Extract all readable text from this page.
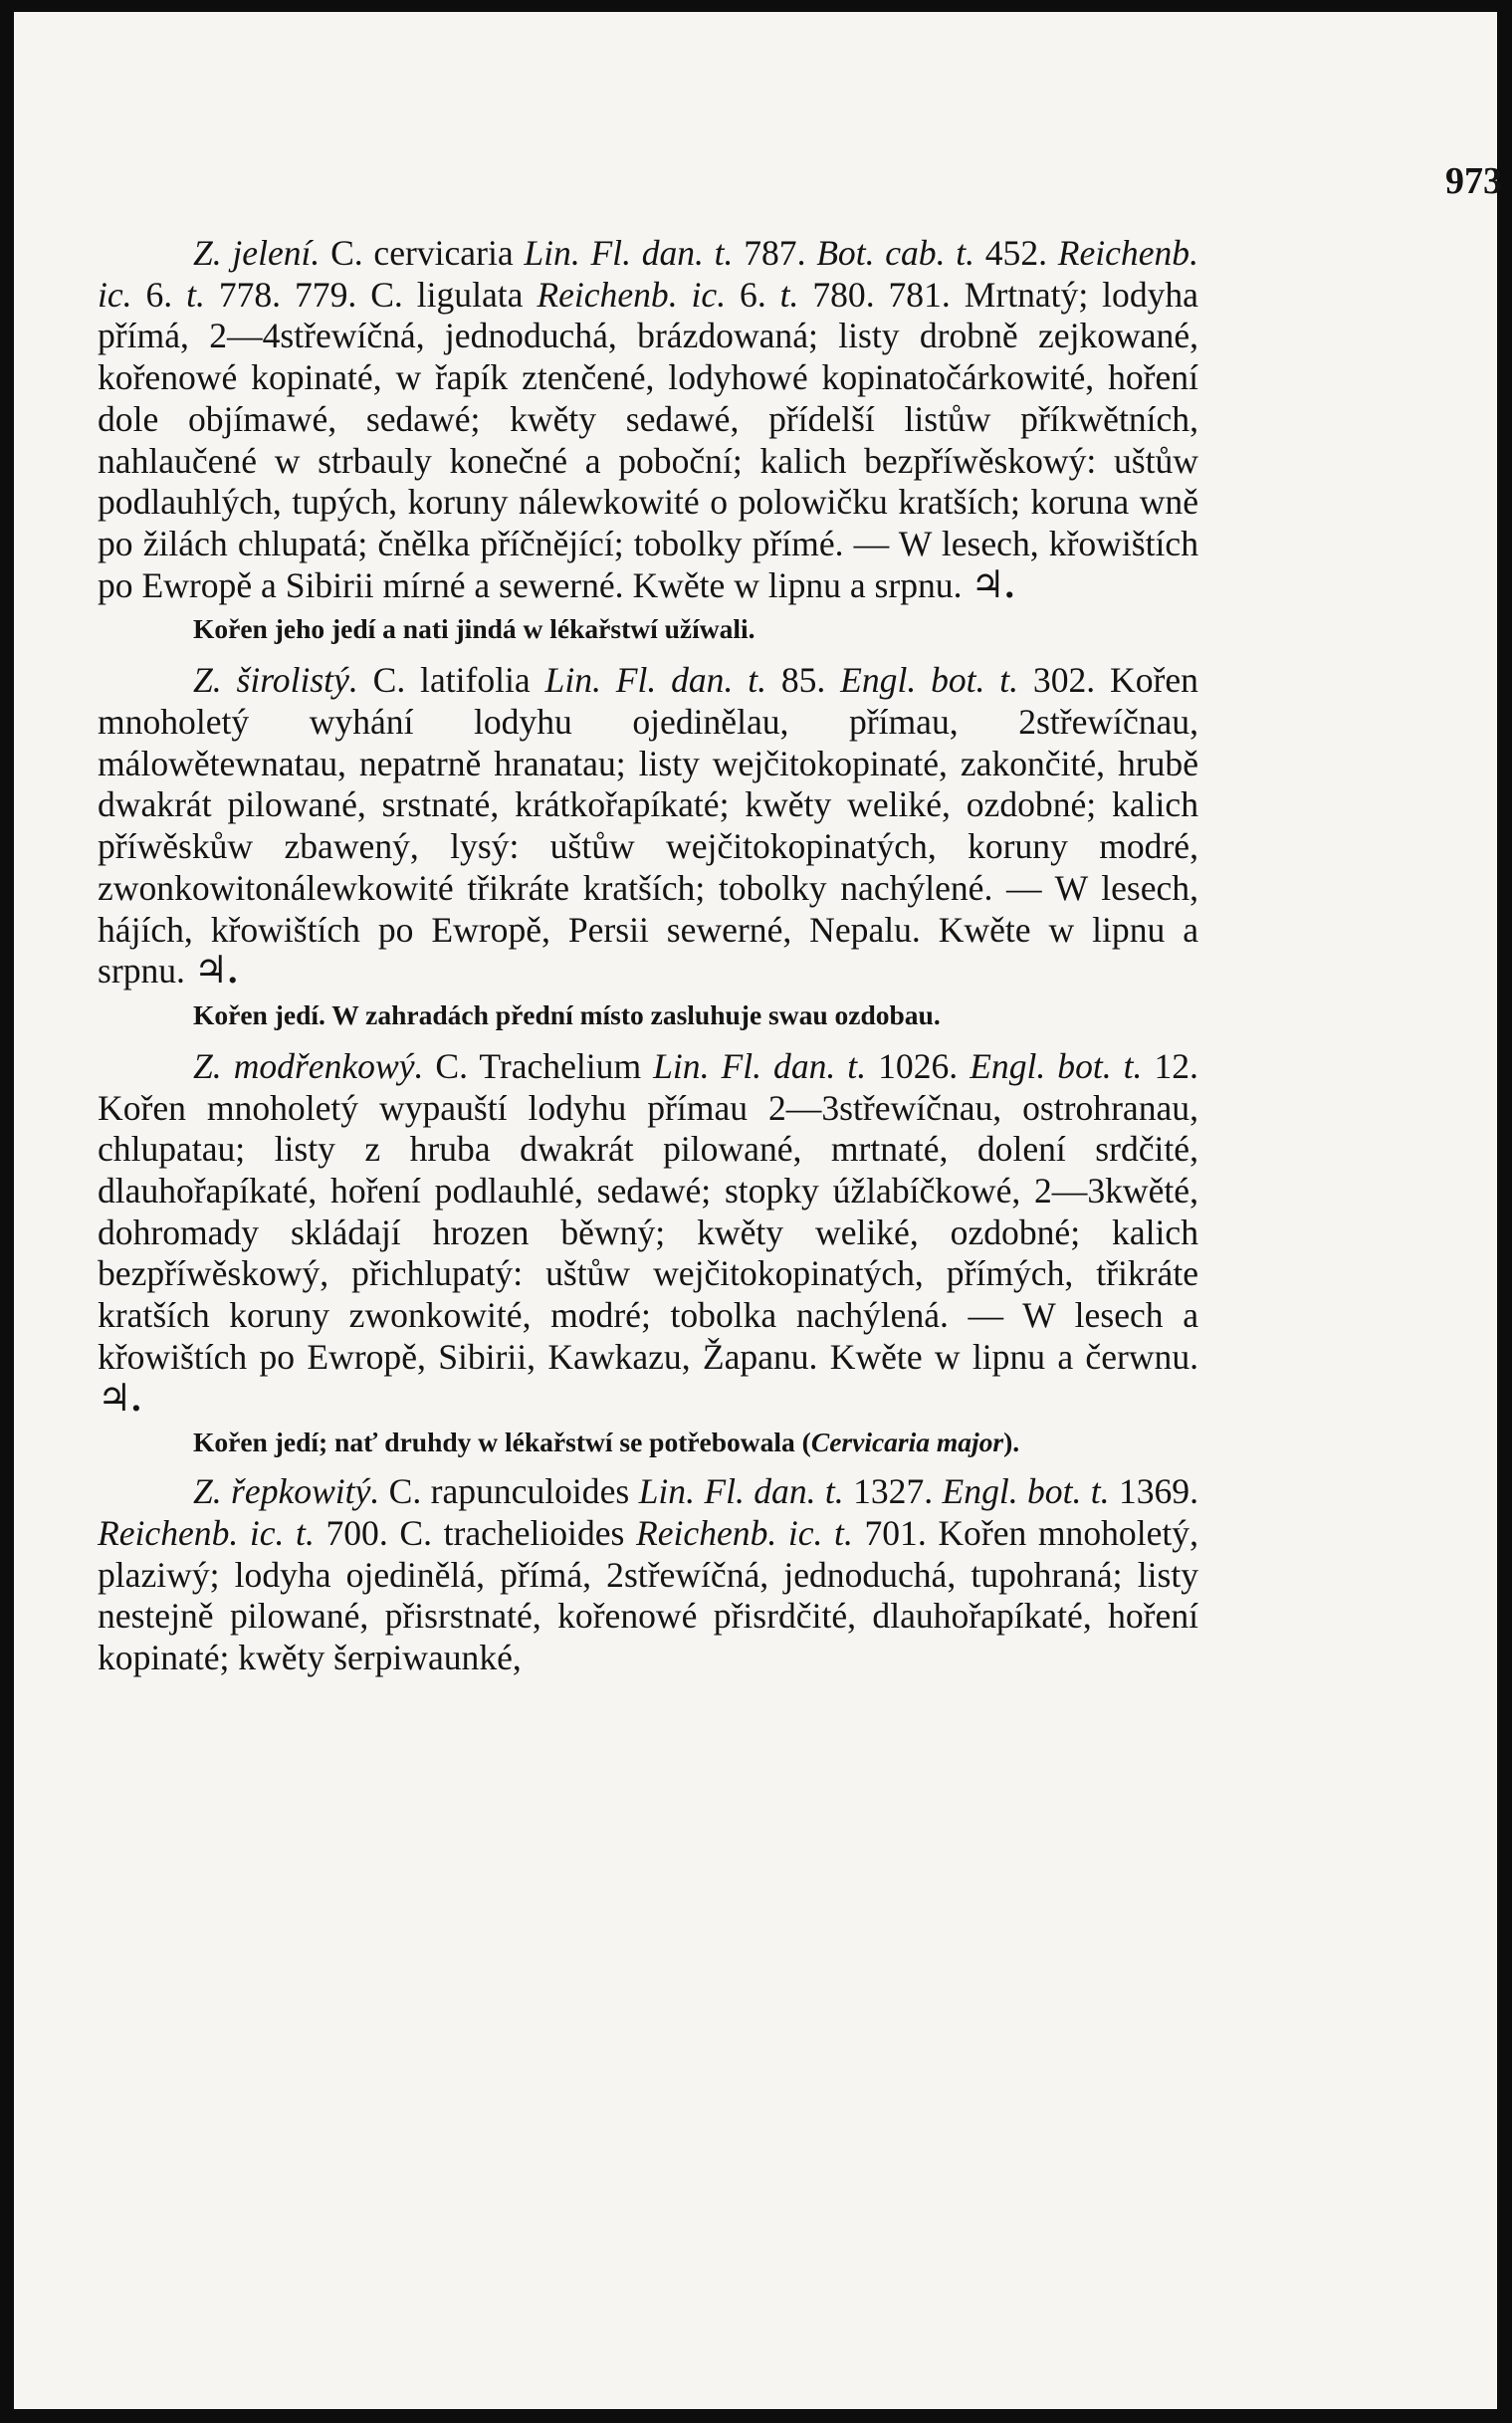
973

Z. jelení. C. cervicaria Lin. Fl. dan. t. 787. Bot. cab. t. 452. Reichenb. ic. 6. t. 778. 779. C. ligulata Reichenb. ic. 6. t. 780. 781. Mrtnatý; lodyha přímá, 2—4střewíčná, jednoduchá, brázdowaná; listy drobně zejkowané, kořenowé kopinaté, w řapík ztenčené, lodyhowé kopinatočárkowité, hoření dole objímawé, sedawé; kwěty sedawé, přídelší listůw příkwětních, nahlaučené w strbauly konečné a poboční; kalich bezpříwěskowý: uštůw podlauhlých, tupých, koruny nálewkowité o polowičku kratších; koruna wně po žilách chlupatá; čnělka příčnějící; tobolky přímé. — W lesech, křowištích po Ewropě a Sibirii mírné a sewerné. Kwěte w lipnu a srpnu. ♃.

Kořen jeho jedí a nati jindá w lékařstwí užíwali.

Z. širolistý. C. latifolia Lin. Fl. dan. t. 85. Engl. bot. t. 302. Kořen mnoholetý wyhání lodyhu ojedinělau, přímau, 2střewíčnau, málowětewnatau, nepatrně hranatau; listy wejčitokopinaté, zakončité, hrubě dwakrát pilowané, srstnaté, krátkořapíkaté; kwěty weliké, ozdobné; kalich příwěskůw zbawený, lysý: uštůw wejčitokopinatých, koruny modré, zwonkowitonálewkowité třikráte kratších; tobolky nachýlené. — W lesech, hájích, křowištích po Ewropě, Persii sewerné, Nepalu. Kwěte w lipnu a srpnu. ♃.

Kořen jedí. W zahradách přední místo zasluhuje swau ozdobau.

Z. modřenkowý. C. Trachelium Lin. Fl. dan. t. 1026. Engl. bot. t. 12. Kořen mnoholetý wypauští lodyhu přímau 2—3střewíčnau, ostrohranau, chlupatau; listy z hruba dwakrát pilowané, mrtnaté, dolení srdčité, dlauhořapíkaté, hoření podlauhlé, sedawé; stopky úžlabíčkowé, 2—3kwěté, dohromady skládají hrozen běwný; kwěty weliké, ozdobné; kalich bezpříwěskowý, přichlupatý: uštůw wejčitokopinatých, přímých, třikráte kratších koruny zwonkowité, modré; tobolka nachýlená. — W lesech a křowištích po Ewropě, Sibirii, Kawkazu, Žapanu. Kwěte w lipnu a čerwnu. ♃.

Kořen jedí; nať druhdy w lékařstwí se potřebowala (Cervicaria major).

Z. řepkowitý. C. rapunculoides Lin. Fl. dan. t. 1327. Engl. bot. t. 1369. Reichenb. ic. t. 700. C. trachelioides Reichenb. ic. t. 701. Kořen mnoholetý, plaziwý; lodyha ojedinělá, přímá, 2střewíčná, jednoduchá, tupohraná; listy nestejně pilowané, přisrstnaté, kořenowé přisrdčité, dlauhořapíkaté, hoření kopinaté; kwěty šerpiwaunké,
